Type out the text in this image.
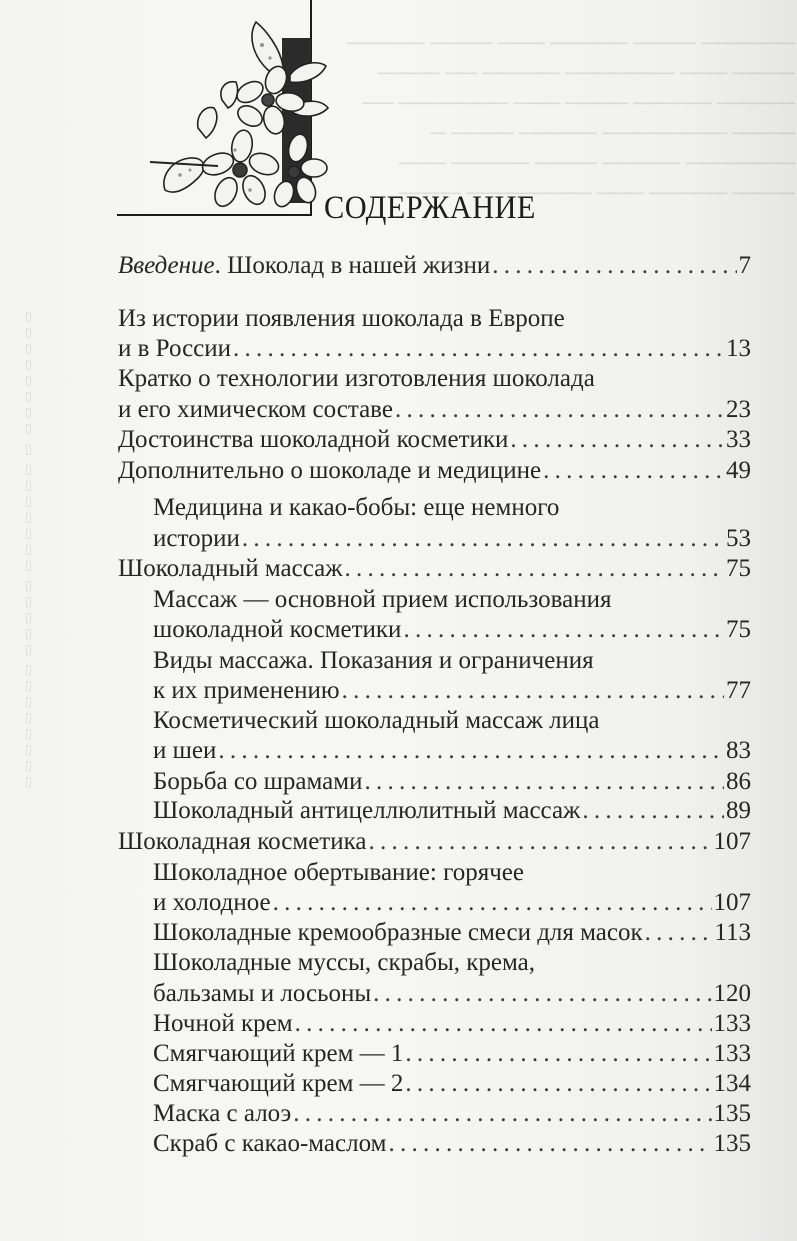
────── ──── ───── ─── ──── ─────
──── ─── ─────── ───── ── ────
───── ───── ──── ─── ─────── ──
──── ──────── ───── ──── ─
─────── ───── ──── ───── ───
──── ───── ─── ──────── ────
▯▯▯▯▯▯▯▯ ▯▯▯▯▯ ▯▯▯▯▯▯▯ ▯ ▯▯▯▯▯▯▯▯
СОДЕРЖАНИЕ
Введение. Шоколад в нашей жизни . . .	7
Из истории появления шоколада в Европе
и в России . . .	13
Кратко о технологии изготовления шоколада
и его химическом составе . . .	23
Достоинства шоколадной косметики . . .	33
Дополнительно о шоколаде и медицине . . .	49
Медицина и какао-бобы: еще немного
истории . . .	53
Шоколадный массаж . . .	75
Массаж — основной прием использования
шоколадной косметики . . .	75
Виды массажа. Показания и ограничения
к их применению . . .	77
Косметический шоколадный массаж лица
и шеи . . .	83
Борьба со шрамами . . .	86
Шоколадный антицеллюлитный массаж . . .	89
Шоколадная косметика . . .	107
Шоколадное обертывание: горячее
и холодное . . .	107
Шоколадные кремообразные смеси для масок . . .	113
Шоколадные муссы, скрабы, крема,
бальзамы и лосьоны . . .	120
Ночной крем . . .	133
Смягчающий крем — 1 . . .	133
Смягчающий крем — 2 . . .	134
Маска с алоэ . . .	135
Скраб с какао-маслом . . .	135
